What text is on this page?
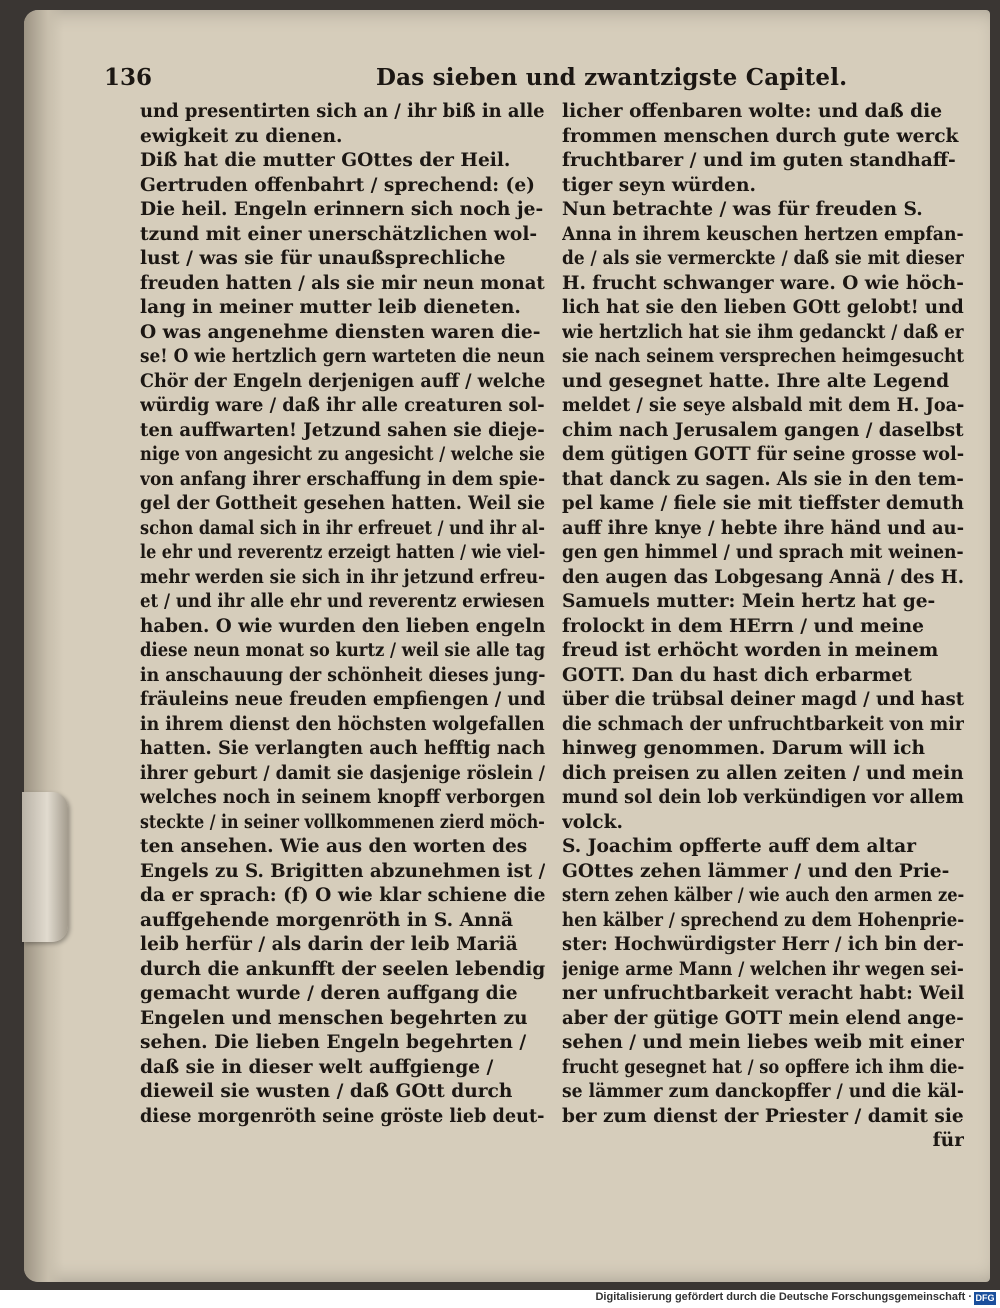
136	Das sieben und zwantzigste Capitel.
und presentirten sich an / ihr biß in alle
ewigkeit zu dienen.
Diß hat die mutter GOttes der Heil.
Gertruden offenbahrt / sprechend: (e)
Die heil. Engeln erinnern sich noch je-
tzund mit einer unerschätzlichen wol-
lust / was sie für unaußsprechliche
freuden hatten / als sie mir neun monat
lang in meiner mutter leib dieneten.
O was angenehme diensten waren die-
se! O wie hertzlich gern warteten die neun
Chör der Engeln derjenigen auff / welche
würdig ware / daß ihr alle creaturen sol-
ten auffwarten! Jetzund sahen sie dieje-
nige von angesicht zu angesicht / welche sie
von anfang ihrer erschaffung in dem spie-
gel der Gottheit gesehen hatten. Weil sie
schon damal sich in ihr erfreuet / und ihr al-
le ehr und reverentz erzeigt hatten / wie viel-
mehr werden sie sich in ihr jetzund erfreu-
et / und ihr alle ehr und reverentz erwiesen
haben. O wie wurden den lieben engeln
diese neun monat so kurtz / weil sie alle tag
in anschauung der schönheit dieses jung-
fräuleins neue freuden empfiengen / und
in ihrem dienst den höchsten wolgefallen
hatten. Sie verlangten auch hefftig nach
ihrer geburt / damit sie dasjenige röslein /
welches noch in seinem knopff verborgen
steckte / in seiner vollkommenen zierd möch-
ten ansehen. Wie aus den worten des
Engels zu S. Brigitten abzunehmen ist /
da er sprach: (f) O wie klar schiene die
auffgehende morgenröth in S. Annä
leib herfür / als darin der leib Mariä
durch die ankunfft der seelen lebendig
gemacht wurde / deren auffgang die
Engelen und menschen begehrten zu
sehen. Die lieben Engeln begehrten /
daß sie in dieser welt auffgienge /
dieweil sie wusten / daß GOtt durch
diese morgenröth seine gröste lieb deut-
licher offenbaren wolte: und daß die
frommen menschen durch gute werck
fruchtbarer / und im guten standhaff-
tiger seyn würden.
Nun betrachte / was für freuden S.
Anna in ihrem keuschen hertzen empfan-
de / als sie vermerckte / daß sie mit dieser
H. frucht schwanger ware. O wie höch-
lich hat sie den lieben GOtt gelobt! und
wie hertzlich hat sie ihm gedanckt / daß er
sie nach seinem versprechen heimgesucht
und gesegnet hatte. Ihre alte Legend
meldet / sie seye alsbald mit dem H. Joa-
chim nach Jerusalem gangen / daselbst
dem gütigen GOTT für seine grosse wol-
that danck zu sagen. Als sie in den tem-
pel kame / fiele sie mit tieffster demuth
auff ihre knye / hebte ihre händ und au-
gen gen himmel / und sprach mit weinen-
den augen das Lobgesang Annä / des H.
Samuels mutter: Mein hertz hat ge-
frolockt in dem HErrn / und meine
freud ist erhöcht worden in meinem
GOTT. Dan du hast dich erbarmet
über die trübsal deiner magd / und hast
die schmach der unfruchtbarkeit von mir
hinweg genommen. Darum will ich
dich preisen zu allen zeiten / und mein
mund sol dein lob verkündigen vor allem
volck.
S. Joachim opfferte auff dem altar
GOttes zehen lämmer / und den Prie-
stern zehen kälber / wie auch den armen ze-
hen kälber / sprechend zu dem Hohenprie-
ster: Hochwürdigster Herr / ich bin der-
jenige arme Mann / welchen ihr wegen sei-
ner unfruchtbarkeit veracht habt: Weil
aber der gütige GOTT mein elend ange-
sehen / und mein liebes weib mit einer
frucht gesegnet hat / so opffere ich ihm die-
se lämmer zum danckopffer / und die käl-
ber zum dienst der Priester / damit sie
für
Digitalisierung gefördert durch die Deutsche Forschungsgemeinschaft · DFG
